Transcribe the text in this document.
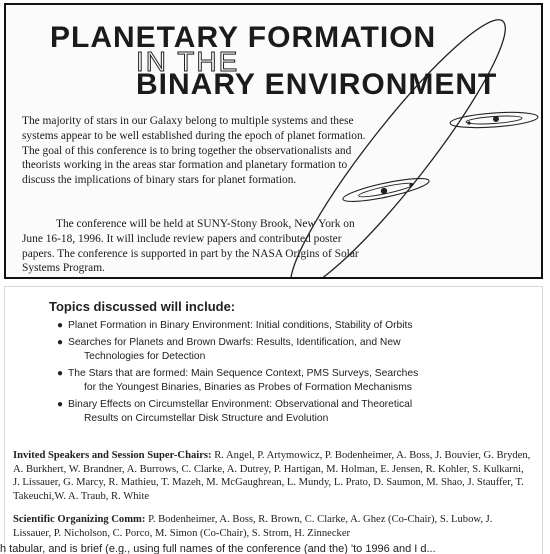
PLANETARY FORMATION
IN THE
BINARY ENVIRONMENT

The majority of stars in our Galaxy belong to multiple systems and these systems appear to be well established during the epoch of planet formation. The goal of this conference is to bring together the observationalists and theorists working in the areas star formation and planetary formation to discuss the implications of binary stars for planet formation.

The conference will be held at SUNY-Stony Brook, New York on June 16-18, 1996. It will include review papers and contributed poster papers. The conference is supported in part by the NASA Origins of Solar Systems Program.

Topics discussed will include:
● Planet Formation in Binary Environment: Initial conditions, Stability of Orbits
● Searches for Planets and Brown Dwarfs: Results, Identification, and New
Technologies for Detection
● The Stars that are formed: Main Sequence Context, PMS Surveys, Searches
for the Youngest Binaries, Binaries as Probes of Formation Mechanisms
● Binary Effects on Circumstellar Environment: Observational and Theoretical
Results on Circumstellar Disk Structure and Evolution

Invited Speakers and Session Super-Chairs: R. Angel, P. Artymowicz, P. Bodenheimer, A. Boss, J. Bouvier, G. Bryden, A. Burkhert, W. Brandner, A. Burrows, C. Clarke, A. Dutrey, P. Hartigan, M. Holman, E. Jensen, R. Kohler, S. Kulkarni, J. Lissauer, G. Marcy, R. Mathieu, T. Mazeh, M. McGaughrean, L. Mundy, L. Prato, D. Saumon, M. Shao, J. Stauffer, T. Takeuchi,W. A. Traub, R. White

Scientific Organizing Comm: P. Bodenheimer, A. Boss, R. Brown, C. Clarke, A. Ghez (Co-Chair), S. Lubow, J. Lissauer, P. Nicholson, C. Porco, M. Simon (Co-Chair), S. Strom, H. Zinnecker

h tabular, and is brief (e.g., using full names of the conference (and the) 'to 1996 and I d...
